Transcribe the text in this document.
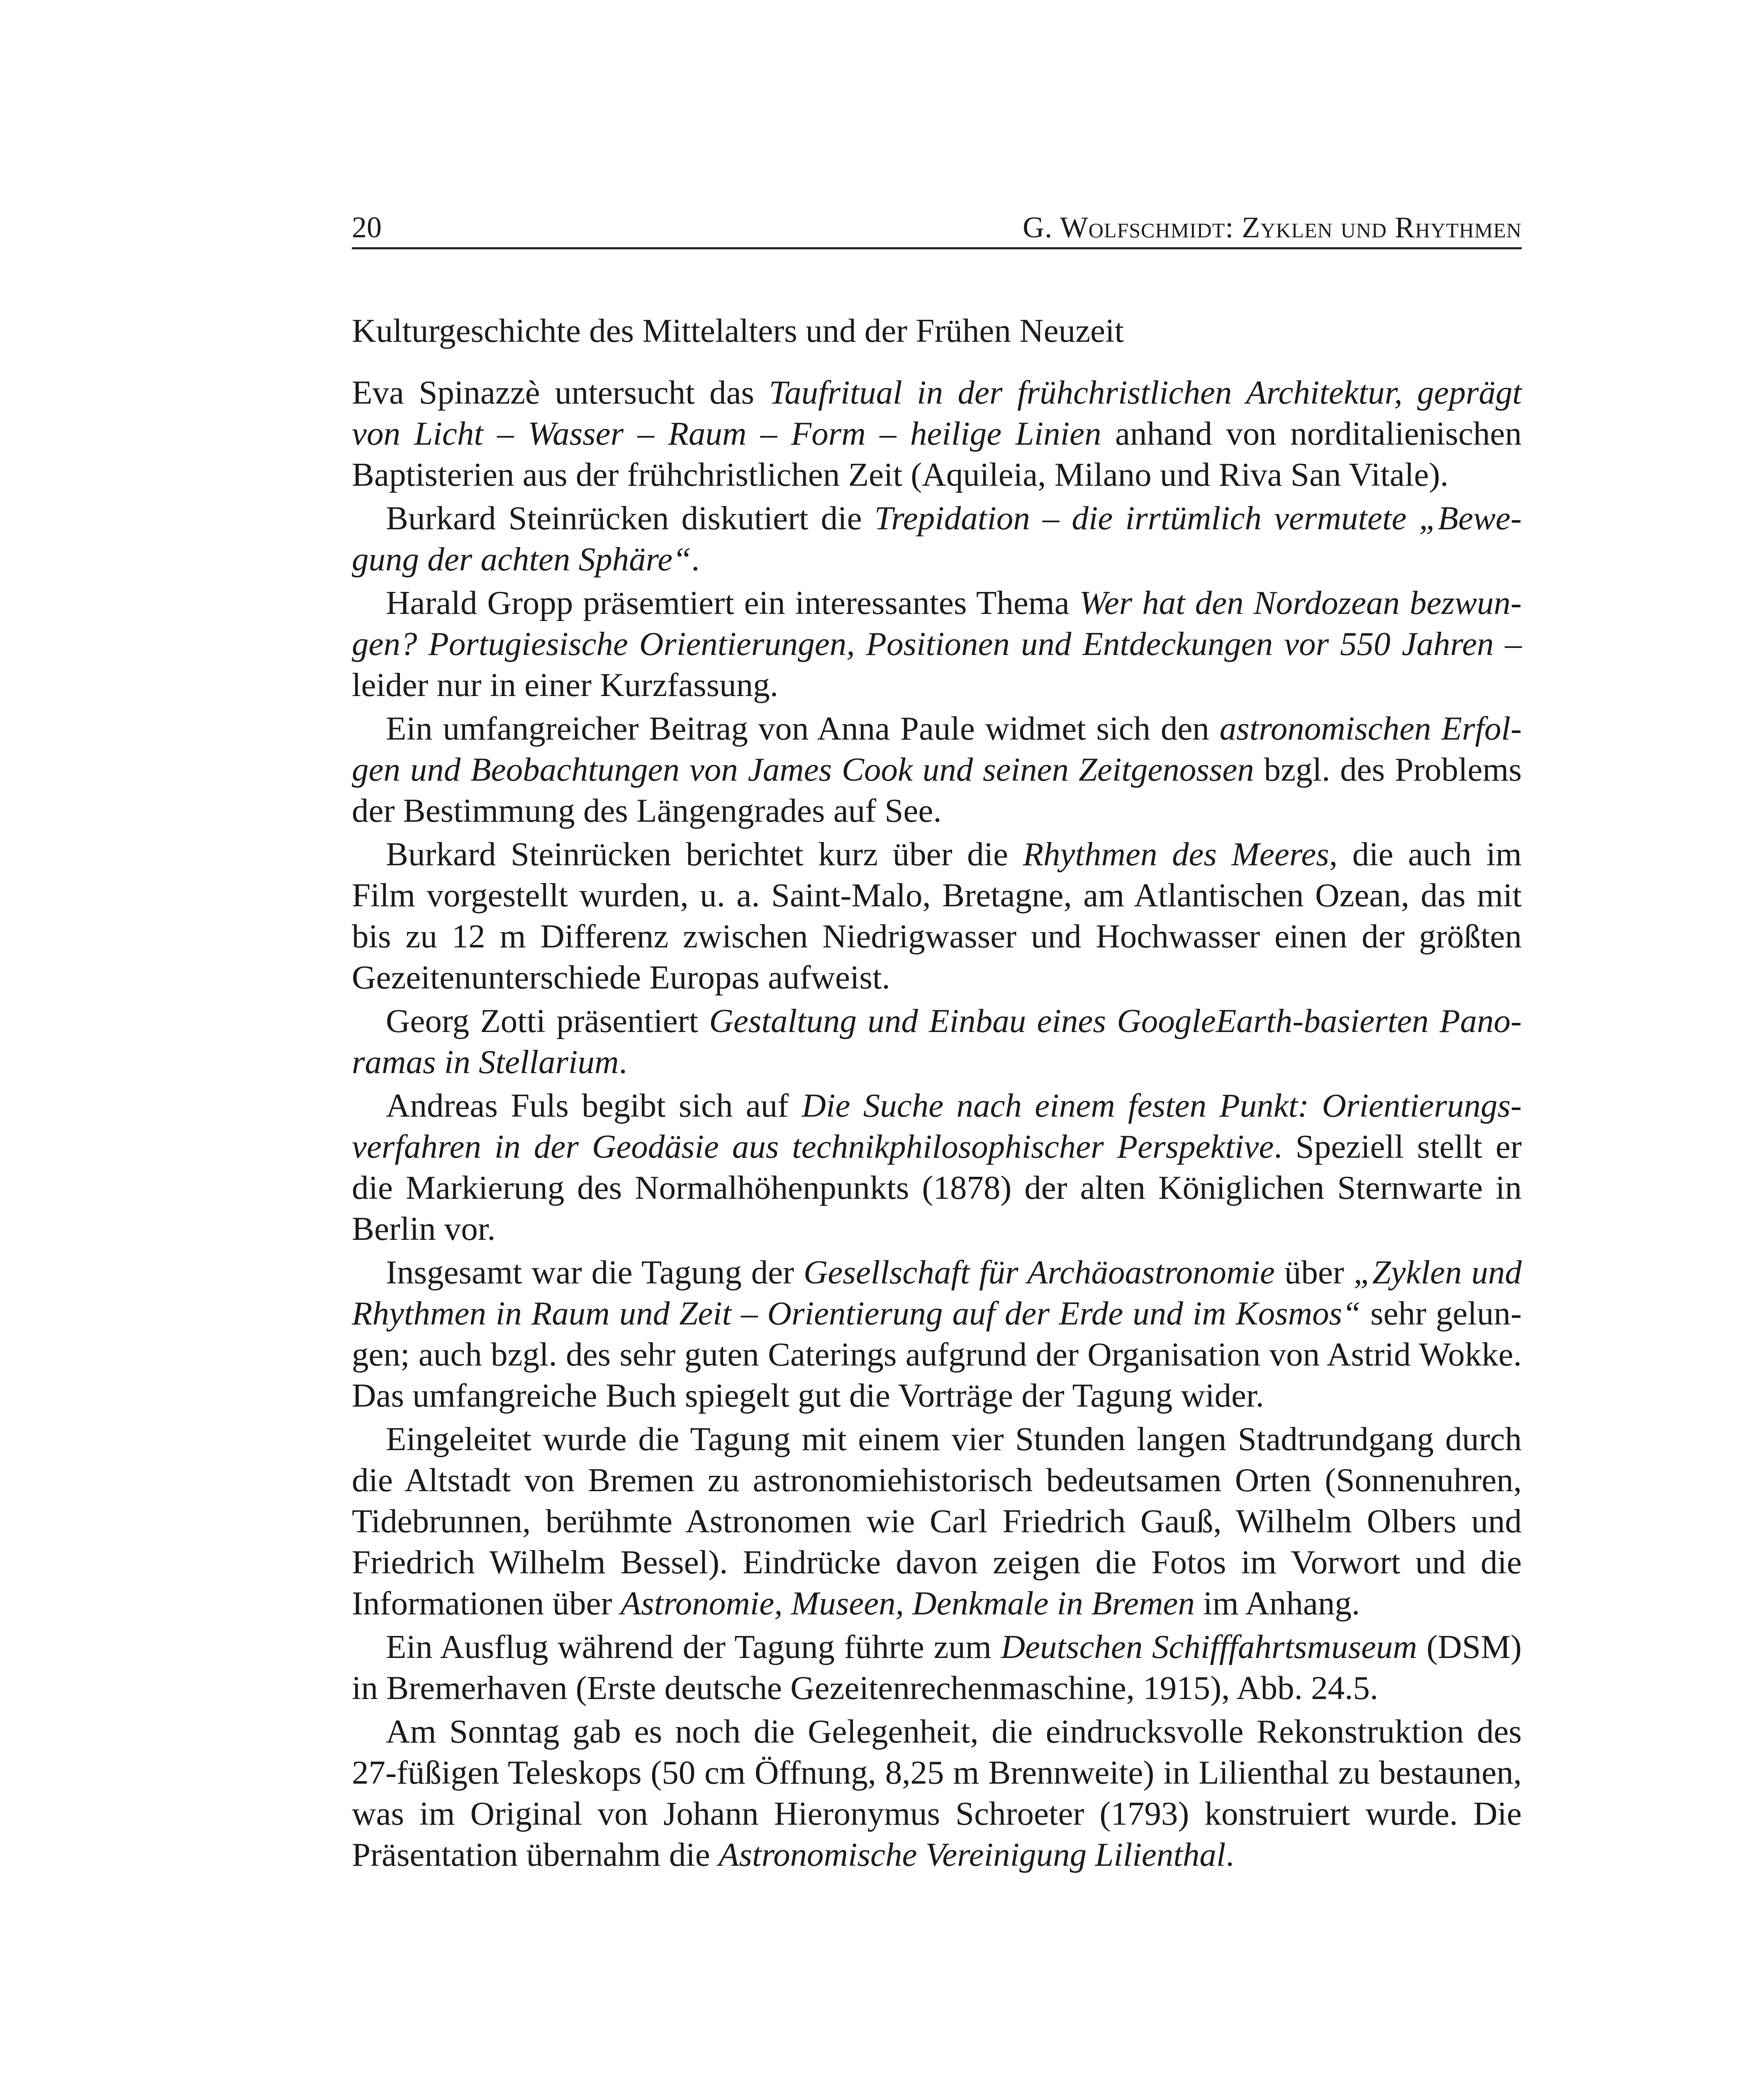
20	G. Wolfschmidt: Zyklen und Rhythmen

Kulturgeschichte des Mittelalters und der Frühen Neuzeit

Eva Spinazzè untersucht das Taufritual in der frühchristlichen Architektur, geprägt von Licht – Wasser – Raum – Form – heilige Linien anhand von norditalienischen Baptisterien aus der frühchristlichen Zeit (Aquileia, Milano und Riva San Vitale).

Burkard Steinrücken diskutiert die Trepidation – die irrtümlich vermutete „Bewegung der achten Sphäre“.

Harald Gropp präsemtiert ein interessantes Thema Wer hat den Nordozean bezwungen? Portugiesische Orientierungen, Positionen und Entdeckungen vor 550 Jahren – leider nur in einer Kurzfassung.

Ein umfangreicher Beitrag von Anna Paule widmet sich den astronomischen Erfolgen und Beobachtungen von James Cook und seinen Zeitgenossen bzgl. des Problems der Bestimmung des Längengrades auf See.

Burkard Steinrücken berichtet kurz über die Rhythmen des Meeres, die auch im Film vorgestellt wurden, u. a. Saint-Malo, Bretagne, am Atlantischen Ozean, das mit bis zu 12 m Differenz zwischen Niedrigwasser und Hochwasser einen der größten Gezeitenunterschiede Europas aufweist.

Georg Zotti präsentiert Gestaltung und Einbau eines GoogleEarth-basierten Panoramas in Stellarium.

Andreas Fuls begibt sich auf Die Suche nach einem festen Punkt: Orientierungsverfahren in der Geodäsie aus technikphilosophischer Perspektive. Speziell stellt er die Markierung des Normalhöhenpunkts (1878) der alten Königlichen Sternwarte in Berlin vor.

Insgesamt war die Tagung der Gesellschaft für Archäoastronomie über „Zyklen und Rhythmen in Raum und Zeit – Orientierung auf der Erde und im Kosmos“ sehr gelungen; auch bzgl. des sehr guten Caterings aufgrund der Organisation von Astrid Wokke. Das umfangreiche Buch spiegelt gut die Vorträge der Tagung wider.

Eingeleitet wurde die Tagung mit einem vier Stunden langen Stadtrundgang durch die Altstadt von Bremen zu astronomiehistorisch bedeutsamen Orten (Sonnenuhren, Tidebrunnen, berühmte Astronomen wie Carl Friedrich Gauß, Wilhelm Olbers und Friedrich Wilhelm Bessel). Eindrücke davon zeigen die Fotos im Vorwort und die Informationen über Astronomie, Museen, Denkmale in Bremen im Anhang.

Ein Ausflug während der Tagung führte zum Deutschen Schifffahrtsmuseum (DSM) in Bremerhaven (Erste deutsche Gezeitenrechenmaschine, 1915), Abb. 24.5.

Am Sonntag gab es noch die Gelegenheit, die eindrucksvolle Rekonstruktion des 27-füßigen Teleskops (50 cm Öffnung, 8,25 m Brennweite) in Lilienthal zu bestaunen, was im Original von Johann Hieronymus Schroeter (1793) konstruiert wurde. Die Präsentation übernahm die Astronomische Vereinigung Lilienthal.
